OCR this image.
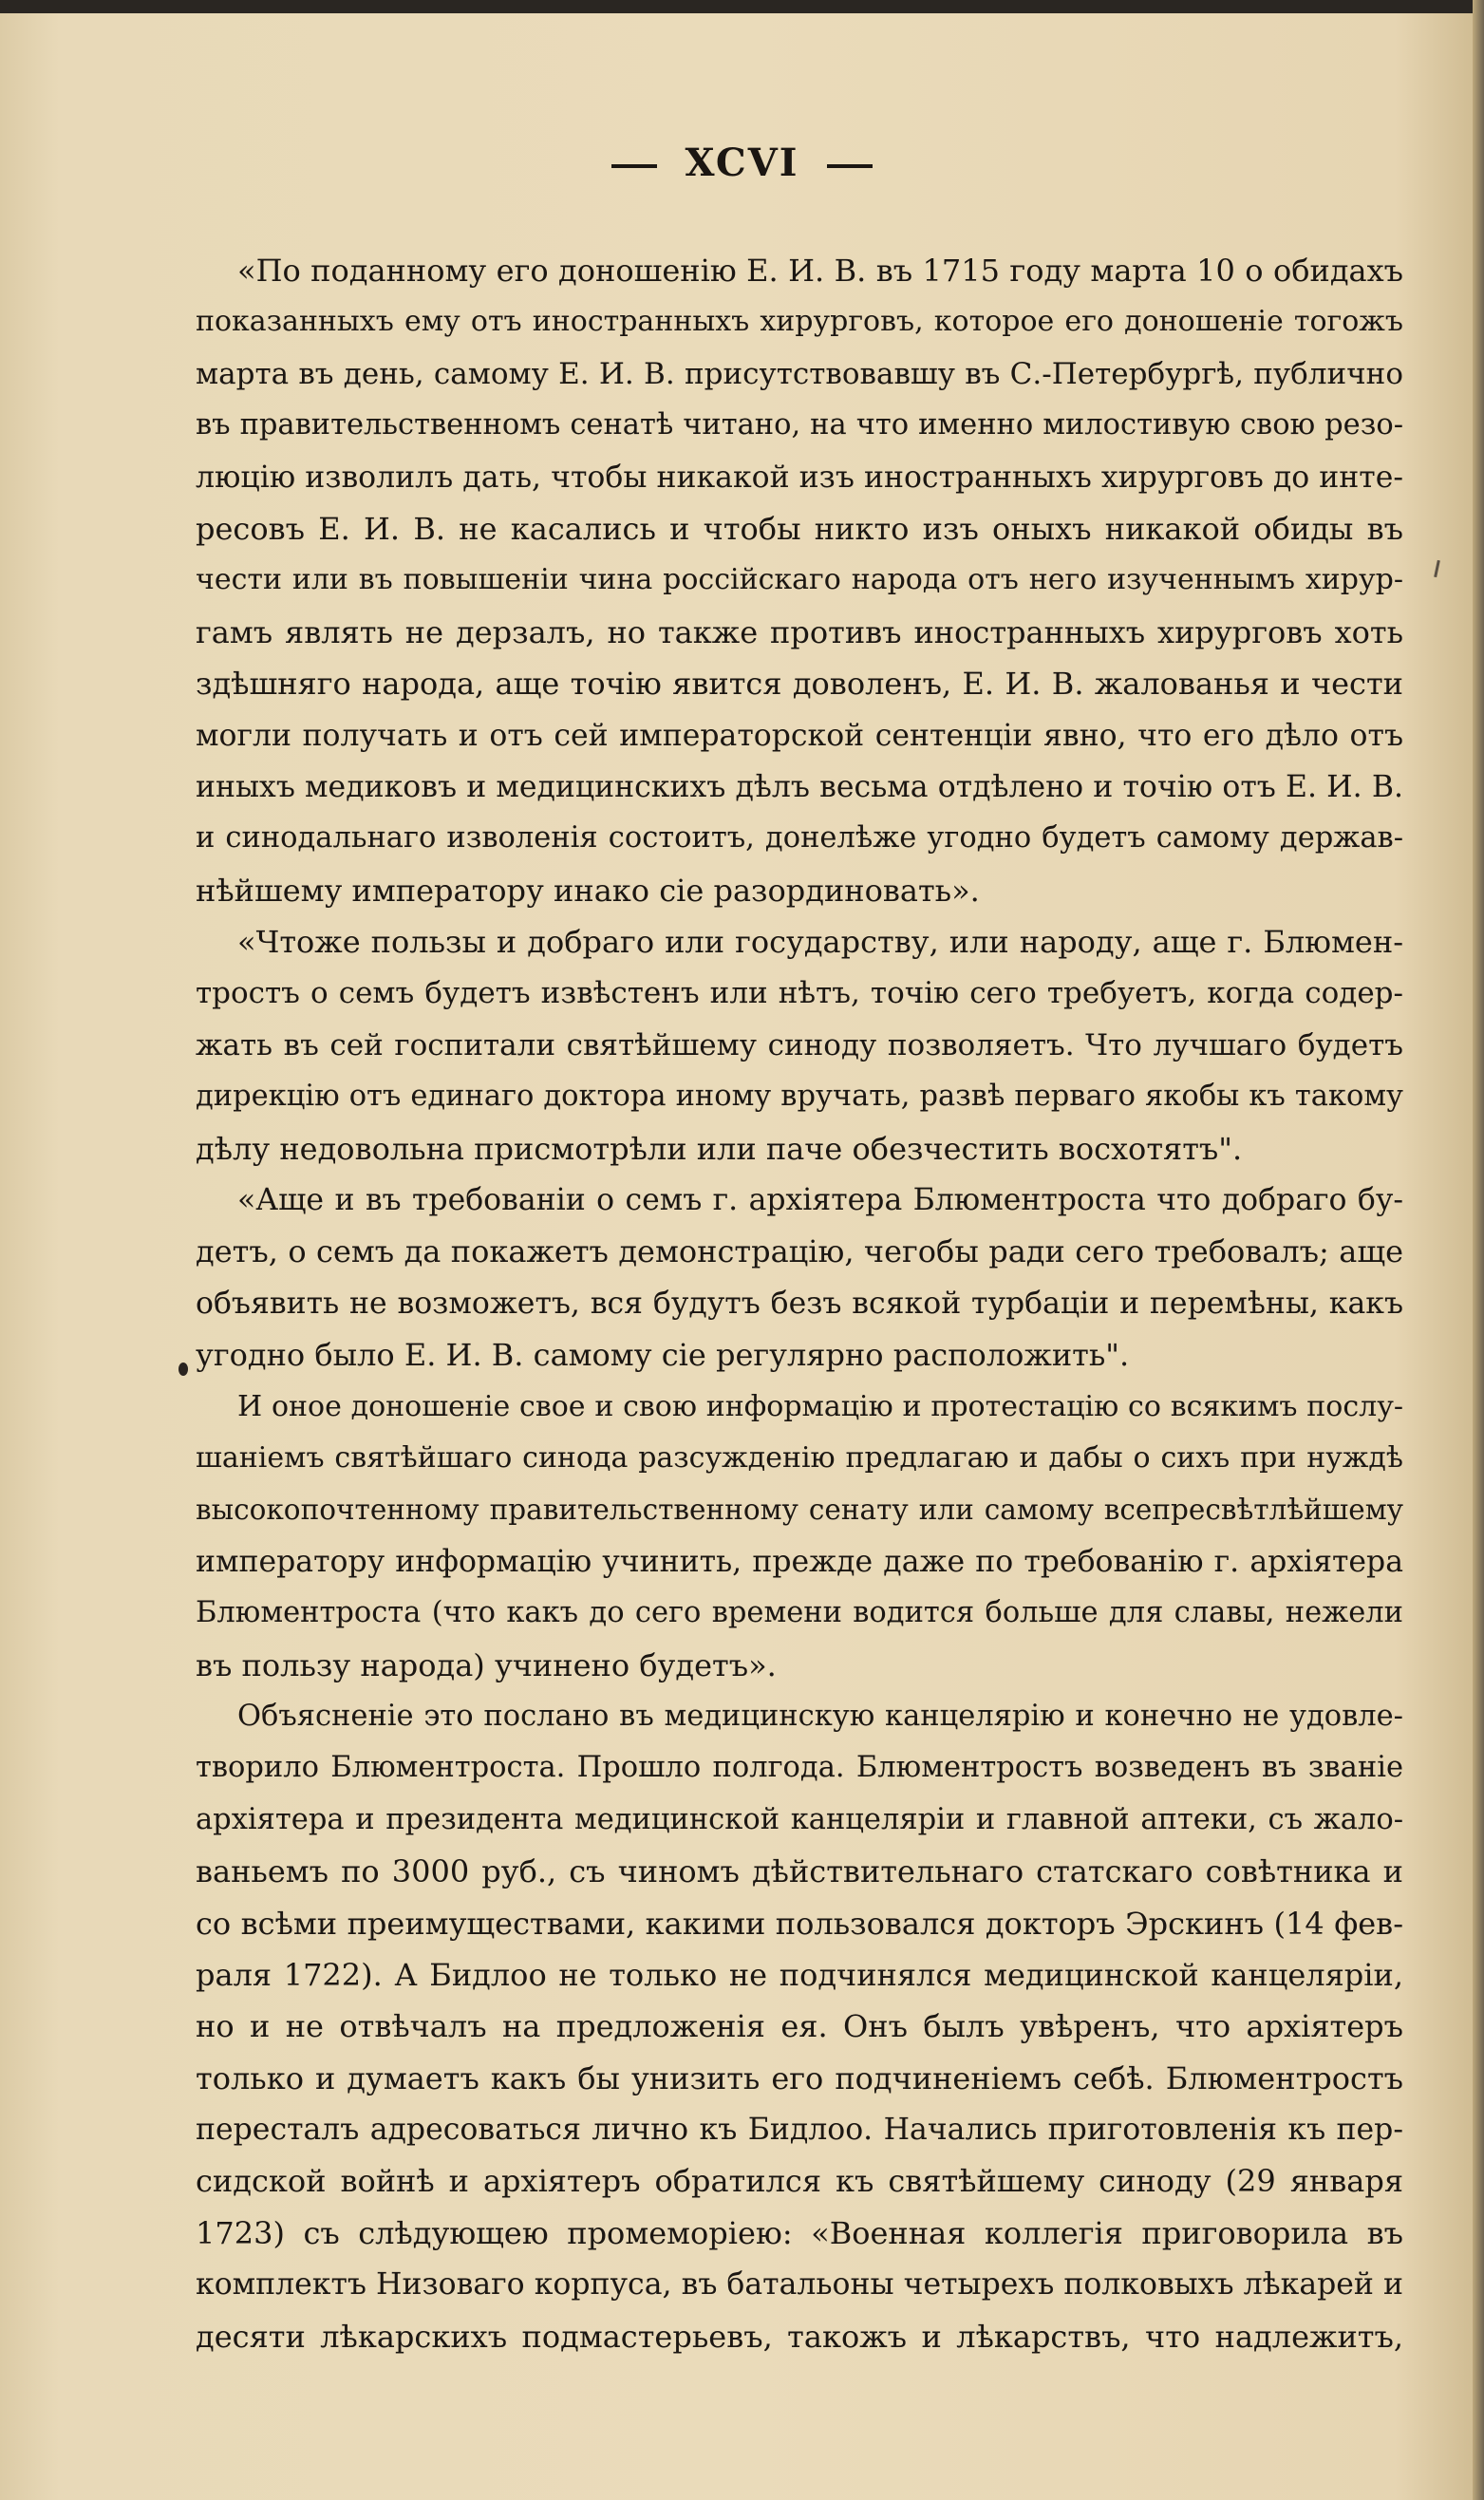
XCVI
«По поданному его доношенію Е. И. В. въ 1715 году марта 10 о обидахъ
показанныхъ ему отъ иностранныхъ хирурговъ, которое его доношеніе тогожъ
марта въ день, самому Е. И. В. присутствовавшу въ С.-Петербургѣ, публично
въ правительственномъ сенатѣ читано, на что именно милостивую свою резо-
люцію изволилъ дать, чтобы никакой изъ иностранныхъ хирурговъ до инте-
ресовъ Е. И. В. не касались и чтобы никто изъ оныхъ никакой обиды въ
чести или въ повышеніи чина россійскаго народа отъ него изученнымъ хирур-
гамъ являть не дерзалъ, но также противъ иностранныхъ хирурговъ хоть
здѣшняго народа, аще точію явится доволенъ, Е. И. В. жалованья и чести
могли получать и отъ сей императорской сентенціи явно, что его дѣло отъ
иныхъ медиковъ и медицинскихъ дѣлъ весьма отдѣлено и точію отъ Е. И. В.
и синодальнаго изволенія состоитъ, донелѣже угодно будетъ самому держав-
нѣйшему императору инако сіе разординовать».
«Чтоже пользы и добраго или государству, или народу, аще г. Блюмен-
тростъ о семъ будетъ извѣстенъ или нѣтъ, точію сего требуетъ, когда содер-
жать въ сей госпитали святѣйшему синоду позволяетъ. Что лучшаго будетъ
дирекцію отъ единаго доктора иному вручать, развѣ перваго якобы къ такому
дѣлу недовольна присмотрѣли или паче обезчестить восхотятъ".
«Аще и въ требованіи о семъ г. архіятера Блюментроста что добраго бу-
детъ, о семъ да покажетъ демонстрацію, чегобы ради сего требовалъ; аще
объявить не возможетъ, вся будутъ безъ всякой турбаціи и перемѣны, какъ
угодно было Е. И. В. самому сіе регулярно расположить".
И оное доношеніе свое и свою информацію и протестацію со всякимъ послу-
шаніемъ святѣйшаго синода разсужденію предлагаю и дабы о сихъ при нуждѣ
высокопочтенному правительственному сенату или самому всепресвѣтлѣйшему
императору информацію учинить, прежде даже по требованію г. архіятера
Блюментроста (что какъ до сего времени водится больше для славы, нежели
въ пользу народа) учинено будетъ».
Объясненіе это послано въ медицинскую канцелярію и конечно не удовле-
творило Блюментроста. Прошло полгода. Блюментростъ возведенъ въ званіе
архіятера и президента медицинской канцеляріи и главной аптеки, съ жало-
ваньемъ по 3000 руб., съ чиномъ дѣйствительнаго статскаго совѣтника и
со всѣми преимуществами, какими пользовался докторъ Эрскинъ (14 фев-
раля 1722). А Бидлоо не только не подчинялся медицинской канцеляріи,
но и не отвѣчалъ на предложенія ея. Онъ былъ увѣренъ, что архіятеръ
только и думаетъ какъ бы унизить его подчиненіемъ себѣ. Блюментростъ
пересталъ адресоваться лично къ Бидлоо. Начались приготовленія къ пер-
сидской войнѣ и архіятеръ обратился къ святѣйшему синоду (29 января
1723) съ слѣдующею промеморіею: «Военная коллегія приговорила въ
комплектъ Низоваго корпуса, въ батальоны четырехъ полковыхъ лѣкарей и
десяти лѣкарскихъ подмастерьевъ, такожъ и лѣкарствъ, что надлежитъ,
